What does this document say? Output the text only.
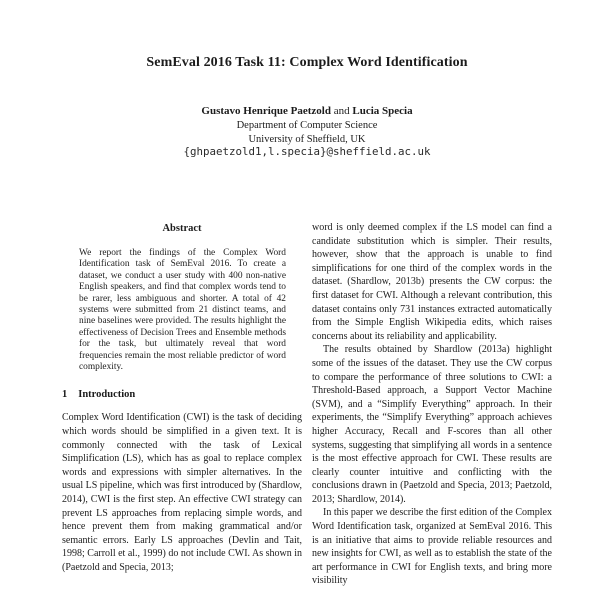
SemEval 2016 Task 11: Complex Word Identification
Gustavo Henrique Paetzold and Lucia Specia
Department of Computer Science
University of Sheffield, UK
{ghpaetzold1,l.specia}@sheffield.ac.uk
Abstract

We report the findings of the Complex Word Identification task of SemEval 2016. To create a dataset, we conduct a user study with 400 non-native English speakers, and find that complex words tend to be rarer, less ambiguous and shorter. A total of 42 systems were submitted from 21 distinct teams, and nine baselines were provided. The results highlight the effectiveness of Decision Trees and Ensemble methods for the task, but ultimately reveal that word frequencies remain the most reliable predictor of word complexity.

1 Introduction

Complex Word Identification (CWI) is the task of deciding which words should be simplified in a given text. It is commonly connected with the task of Lexical Simplification (LS), which has as goal to replace complex words and expressions with simpler alternatives. In the usual LS pipeline, which was first introduced by (Shardlow, 2014), CWI is the first step. An effective CWI strategy can prevent LS approaches from replacing simple words, and hence prevent them from making grammatical and/or semantic errors. Early LS approaches (Devlin and Tait, 1998; Carroll et al., 1999) do not include CWI. As shown in (Paetzold and Specia, 2013;

word is only deemed complex if the LS model can find a candidate substitution which is simpler. Their results, however, show that the approach is unable to find simplifications for one third of the complex words in the dataset. (Shardlow, 2013b) presents the CW corpus: the first dataset for CWI. Although a relevant contribution, this dataset contains only 731 instances extracted automatically from the Simple English Wikipedia edits, which raises concerns about its reliability and applicability.

The results obtained by Shardlow (2013a) highlight some of the issues of the dataset. They use the CW corpus to compare the performance of three solutions to CWI: a Threshold-Based approach, a Support Vector Machine (SVM), and a “Simplify Everything” approach. In their experiments, the “Simplify Everything” approach achieves higher Accuracy, Recall and F-scores than all other systems, suggesting that simplifying all words in a sentence is the most effective approach for CWI. These results are clearly counter intuitive and conflicting with the conclusions drawn in (Paetzold and Specia, 2013; Paetzold, 2013; Shardlow, 2014).

In this paper we describe the first edition of the Complex Word Identification task, organized at SemEval 2016. This is an initiative that aims to provide reliable resources and new insights for CWI, as well as to establish the state of the art performance in CWI for English texts, and bring more visibility
